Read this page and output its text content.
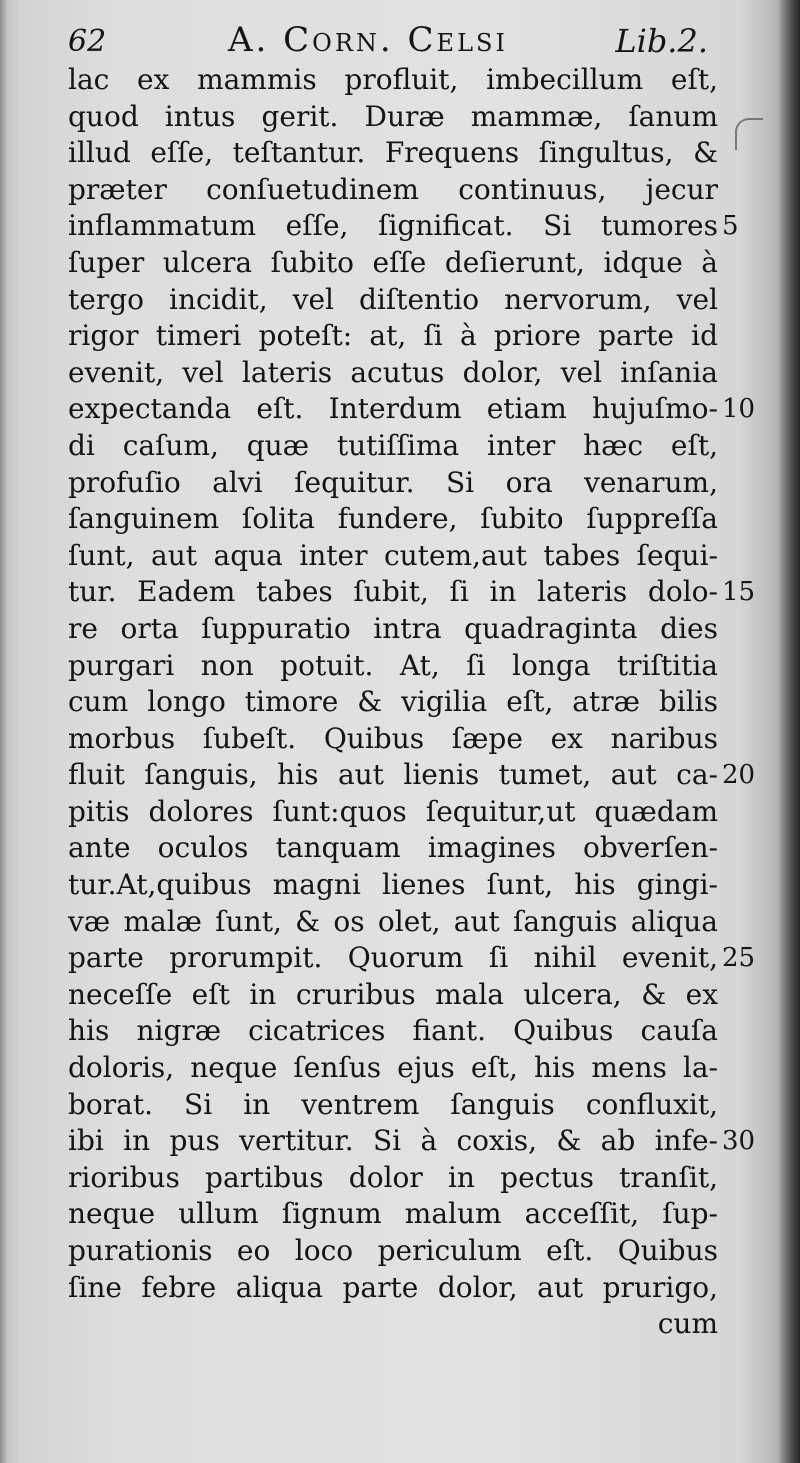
62	A. Corn. Celsi	Lib.2.
lac ex mammis profluit, imbecillum eſt,
quod intus gerit. Duræ mammæ, ſanum
illud eſſe, teſtantur. Frequens ſingultus, &
præter conſuetudinem continuus, jecur
inflammatum eſſe, ſignificat. Si tumores
ſuper ulcera ſubito eſſe deſierunt, idque à
tergo incidit, vel diſtentio nervorum, vel
rigor timeri poteſt: at, ſi à priore parte id
evenit, vel lateris acutus dolor, vel inſania
expectanda eſt. Interdum etiam hujuſmo-
di caſum, quæ tutiſſima inter hæc eſt,
profuſio alvi ſequitur. Si ora venarum,
ſanguinem ſolita fundere, ſubito ſuppreſſa
ſunt, aut aqua inter cutem,aut tabes ſequi-
tur. Eadem tabes ſubit, ſi in lateris dolo-
re orta ſuppuratio intra quadraginta dies
purgari non potuit. At, ſi longa triſtitia
cum longo timore & vigilia eſt, atræ bilis
morbus ſubeſt. Quibus ſæpe ex naribus
fluit ſanguis, his aut lienis tumet, aut ca-
pitis dolores ſunt:quos ſequitur,ut quædam
ante oculos tanquam imagines obverſen-
tur.At,quibus magni lienes ſunt, his gingi-
væ malæ ſunt, & os olet, aut ſanguis aliqua
parte prorumpit. Quorum ſi nihil evenit,
neceſſe eſt in cruribus mala ulcera, & ex
his nigræ cicatrices fiant. Quibus cauſa
doloris, neque ſenſus ejus eſt, his mens la-
borat. Si in ventrem ſanguis confluxit,
ibi in pus vertitur. Si à coxis, & ab infe-
rioribus partibus dolor in pectus tranſit,
neque ullum ſignum malum acceſſit, ſup-
purationis eo loco periculum eſt. Quibus
ſine febre aliqua parte dolor, aut prurigo,
cum
5
10
15
20
25
30
